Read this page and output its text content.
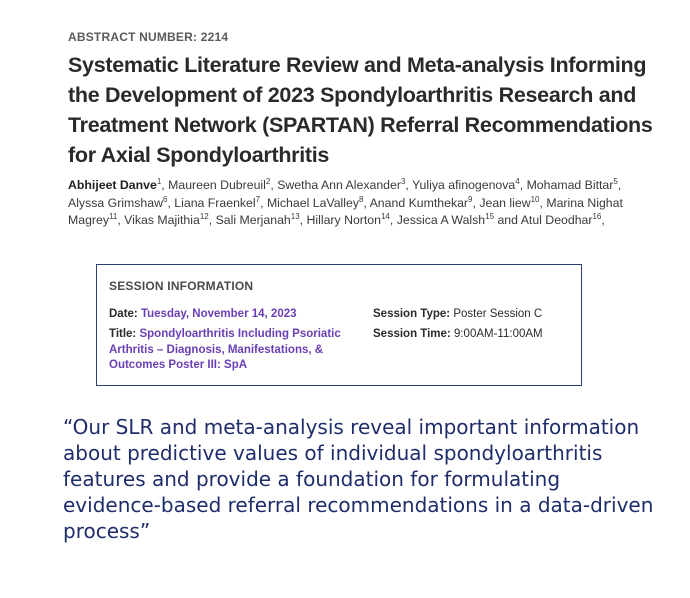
ABSTRACT NUMBER: 2214
Systematic Literature Review and Meta-analysis Informing the Development of 2023 Spondyloarthritis Research and Treatment Network (SPARTAN) Referral Recommendations for Axial Spondyloarthritis
Abhijeet Danve$^1$, Maureen Dubreuil$^2$, Swetha Ann Alexander$^3$, Yuliya afinogenova$^4$, Mohamad Bittar$^5$, Alyssa Grimshaw$^6$, Liana Fraenkel$^7$, Michael LaValley$^8$, Anand Kumthekar$^9$, Jean liew$^{10}$, Marina Nighat Magrey$^{11}$, Vikas Majithia$^{12}$, Sali Merjanah$^{13}$, Hillary Norton$^{14}$, Jessica A Walsh$^{15}$ and Atul Deodhar$^{16}$,
SESSION INFORMATION
Date: Tuesday, November 14, 2023	Session Type: Poster Session C
Title: Spondyloarthritis Including Psoriatic Arthritis – Diagnosis, Manifestations, & Outcomes Poster III: SpA
Session Time: 9:00AM-11:00AM

“Our SLR and meta-analysis reveal important information about predictive values of individual spondyloarthritis features and provide a foundation for formulating evidence-based referral recommendations in a data-driven process”
